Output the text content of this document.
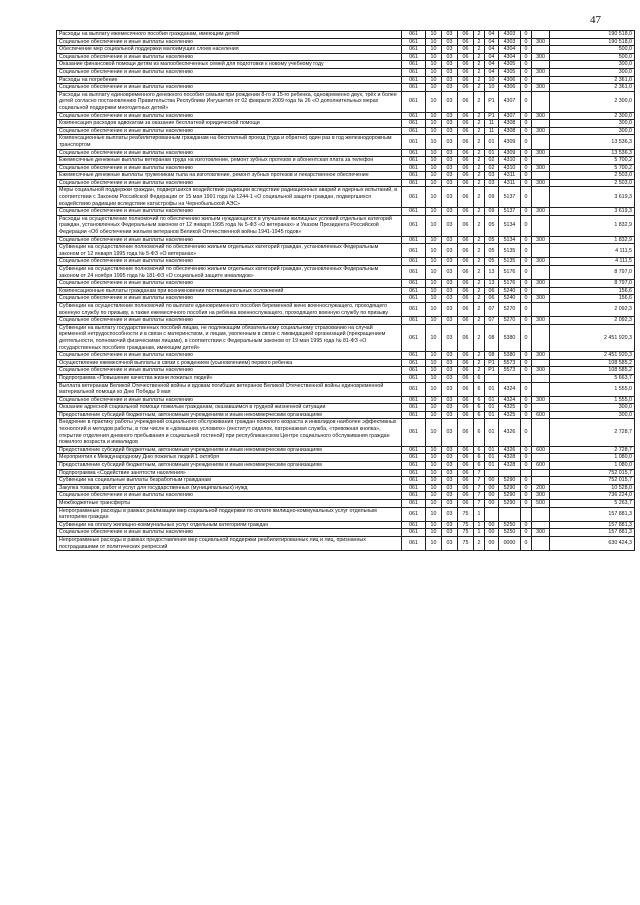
47
Расходы на выплату ежемесячного пособия гражданам, имеющим детей	061	10	03	06	2	04	4303	0		190 518,0
Социальное обеспечение и иные выплаты населению	061	10	03	06	2	04	4303	0	300	190 518,0
Обеспечение мер социальной поддержки малоимущих слоев населения	061	10	03	06	2	04	4304	0		500,0
Социальное обеспечение и иные выплаты населению	061	10	03	06	2	04	4304	0	300	500,0
Оказание финансовой помощи детям из малообеспеченных семей для подготовки к новому учебному году	061	10	03	06	2	04	4305	0		300,0
Социальное обеспечение и иные выплаты населению	061	10	03	06	2	04	4305	0	300	300,0
Расходы на погребение	061	10	03	06	2	10	4306	0		2 361,0
Социальное обеспечение и иные выплаты населению	061	10	03	06	2	10	4306	0	300	2 361,0
Расходы на выплату единовременного денежного пособия семьям при рождении 8-го и 15-го ребенка, одновременно двух, трёх и более детей согласно постановлению Правительства Республики Ингушетия от 02 февраля 2009 года № 26 «О дополнительных мерах социальной поддержки многодетных детей»	061	10	03	06	2	Р1	4307	0		2 300,0
Социальное обеспечение и иные выплаты населению	061	10	03	06	2	Р1	4307	0	300	2 300,0
Компенсация расходов адвокатам за оказание бесплатной юридической помощи	061	10	03	06	2	11	4308	0		300,0
Социальное обеспечение и иные выплаты населению	061	10	03	06	2	11	4308	0	300	300,0
Компенсационные выплаты реабилитированным гражданам на бесплатный проезд (туда и обратно) один раз в год железнодорожным транспортом	061	10	03	06	2	01	4309	0		13 536,3
Социальное обеспечение и иные выплаты населению	061	10	03	06	2	01	4309	0	300	13 536,3
Ежемесячные денежные выплаты ветеранам труда на изготовление, ремонт зубных протезов и абонентская плата за телефон	061	10	03	06	2	02	4310	0		5 700,2
Социальное обеспечение и иные выплаты населению	061	10	03	06	2	02	4310	0	300	5 700,2
Ежемесячные денежные выплаты труженикам тыла на изготовление, ремонт зубных протезов и лекарственное обеспечение	061	10	03	06	2	03	4311	0		2 503,0
Социальное обеспечение и иные выплаты населению	061	10	03	06	2	03	4311	0	300	2 503,0
Меры социальной поддержки граждан, подвергшихся воздействию радиации вследствие радиационных аварий и ядерных испытаний, в соответствии с Законом Российской Федерации от 15 мая 1991 года № 1244-1 «О социальной защите граждан, подвергшихся воздействию радиации вследствие катастрофы на Чернобыльской АЭС»	061	10	03	06	2	09	5137	0		3 619,3
Социальное обеспечение и иные выплаты населению	061	10	03	06	2	09	5137	0	300	3 619,3
Расходы на осуществление полномочий по обеспечению жильем нуждающихся в улучшении жилищных условий отдельных категорий граждан, установленных Федеральным законом от 12 января 1995 года № 5-ФЗ «О ветеранах» и Указом Президента Российской Федерации «Об обеспечении жильем ветеранов Великой Отечественной войны 1941-1945 годов»	061	10	03	06	2	05	5134	0		1 832,9
Социальное обеспечение и иные выплаты населению	061	10	03	06	2	05	5134	0	300	1 832,9
Субвенции на осуществление полномочий по обеспечению жильем отдельных категорий граждан, установленных Федеральным законом от 12 января 1995 года № 5-ФЗ «О ветеранах»	061	10	03	06	2	05	5135	0		4 111,5
Социальное обеспечение и иные выплаты населению	061	10	03	06	2	05	5135	0	300	4 111,5
Субвенции на осуществление полномочий по обеспечению жильем отдельных категорий граждан, установленных Федеральным законом от 24 ноября 1995 года № 181-ФЗ «О социальной защите инвалидов»	061	10	03	06	2	13	5176	0		8 797,0
Социальное обеспечение и иные выплаты населению	061	10	03	06	2	13	5176	0	300	8 797,0
Компенсационные выплаты гражданам при возникновении поствакцинальных осложнений	061	10	03	06	2	06	5240	0		156,6
Социальное обеспечение и иные выплаты населению	061	10	03	06	2	06	5240	0	300	156,6
Субвенции на осуществление полномочий по выплате единовременного пособия беременной жене военнослужащего, проходящего военную службу по призыву, а также ежемесячного пособия на ребёнка военнослужащего, проходящего военную службу по призыву	061	10	03	06	2	07	5270	0		2 092,3
Социальное обеспечение и иные выплаты населению	061	10	03	06	2	07	5270	0	300	2 092,3
Субвенции на выплату государственных пособий лицам, не подлежащим обязательному социальному страхованию на случай временной нетрудоспособности и в связи с материнством, и лицам, уволенным в связи с ликвидацией организаций (прекращением деятельности, полномочий физическими лицами), в соответствии с Федеральным законом от 19 мая 1995 года № 81-ФЗ «О государственных пособиях гражданам, имеющим детей»	061	10	03	06	2	08	5380	0		2 451 920,3
Социальное обеспечение и иные выплаты населению	061	10	03	06	2	08	5380	0	300	2 451 920,3
Осуществление ежемесячной выплаты в связи с рождением (усыновлением) первого ребенка	061	10	03	06	2	Р1	5573	0		108 585,2
Социальное обеспечение и иные выплаты населению	061	10	03	06	2	Р1	5573	0	300	108 585,2
Подпрограмма «Повышение качества жизни пожилых людей»	061	10	03	06	6					5 663,7
Выплата ветеранам Великой Отечественной войны и вдовам погибших ветеранов Великой Отечественной войны единовременной материальной помощи ко Дню Победы 9 мая	061	10	03	06	6	01	4324	0		1 555,0
Социальное обеспечение и иные выплаты населению	061	10	03	06	6	01	4324	0	300	1 555,0
Оказание адресной социальной помощи пожилым гражданам, оказавшимся в трудной жизненной ситуации	061	10	03	06	6	01	4325	0		300,0
Предоставление субсидий бюджетным, автономным учреждениям и иным некоммерческим организациям	061	10	03	06	6	01	4325	0	600	300,0
Внедрение в практику работы учреждений социального обслуживания граждан пожилого возраста и инвалидов наиболее эффективных технологий и методов работы, в том числе в «домашних условиях» (институт сиделок, патронажная служба, «тревожная кнопка», открытие отделения дневного пребывания и социальной гостиной) при республиканском Центре социального обслуживания граждан пожилого возраста и инвалидов	061	10	03	06	6	01	4326	0		2 728,7
Предоставление субсидий бюджетным, автономным учреждениям и иным некоммерческим организациям	061	10	03	06	6	01	4326	0	600	2 728,7
Мероприятия к Международному Дню пожилых людей 1 октября	061	10	03	06	6	01	4328	0		1 080,0
Предоставление субсидий бюджетным, автономным учреждениям и иным некоммерческим организациям	061	10	03	06	6	01	4328	0	600	1 080,0
Подпрограмма «Содействие занятости населения»	061	10	03	06	7					752 015,7
Субвенции на социальные выплаты безработным гражданам	061	10	03	06	7	00	5290	0		752 015,7
Закупка товаров, работ и услуг для государственных (муниципальных) нужд	061	10	03	06	7	00	5290	0	200	10 528,0
Социальное обеспечение и иные выплаты населению	061	10	03	06	7	00	5290	0	300	736 224,0
Межбюджетные трансферты	061	10	03	06	7	00	5290	0	500	5 263,7
Непрограммные расходы в рамках реализации мер социальной поддержки по оплате жилищно-коммунальных услуг отдельным категориям граждан	061	10	03	75	1					157 881,3
Субвенции на оплату жилищно-коммунальных услуг отдельным категориям граждан	061	10	03	75	1	00	5250	0		157 881,3
Социальное обеспечение и иные выплаты населению	061	10	03	75	1	00	5250	0	300	157 881,3
Непрограммные расходы в рамках предоставления мер социальной поддержки реабилитированных лиц и лиц, признанных пострадавшими от политических репрессий	061	10	03	75	2	00	0000	0		630 424,3
